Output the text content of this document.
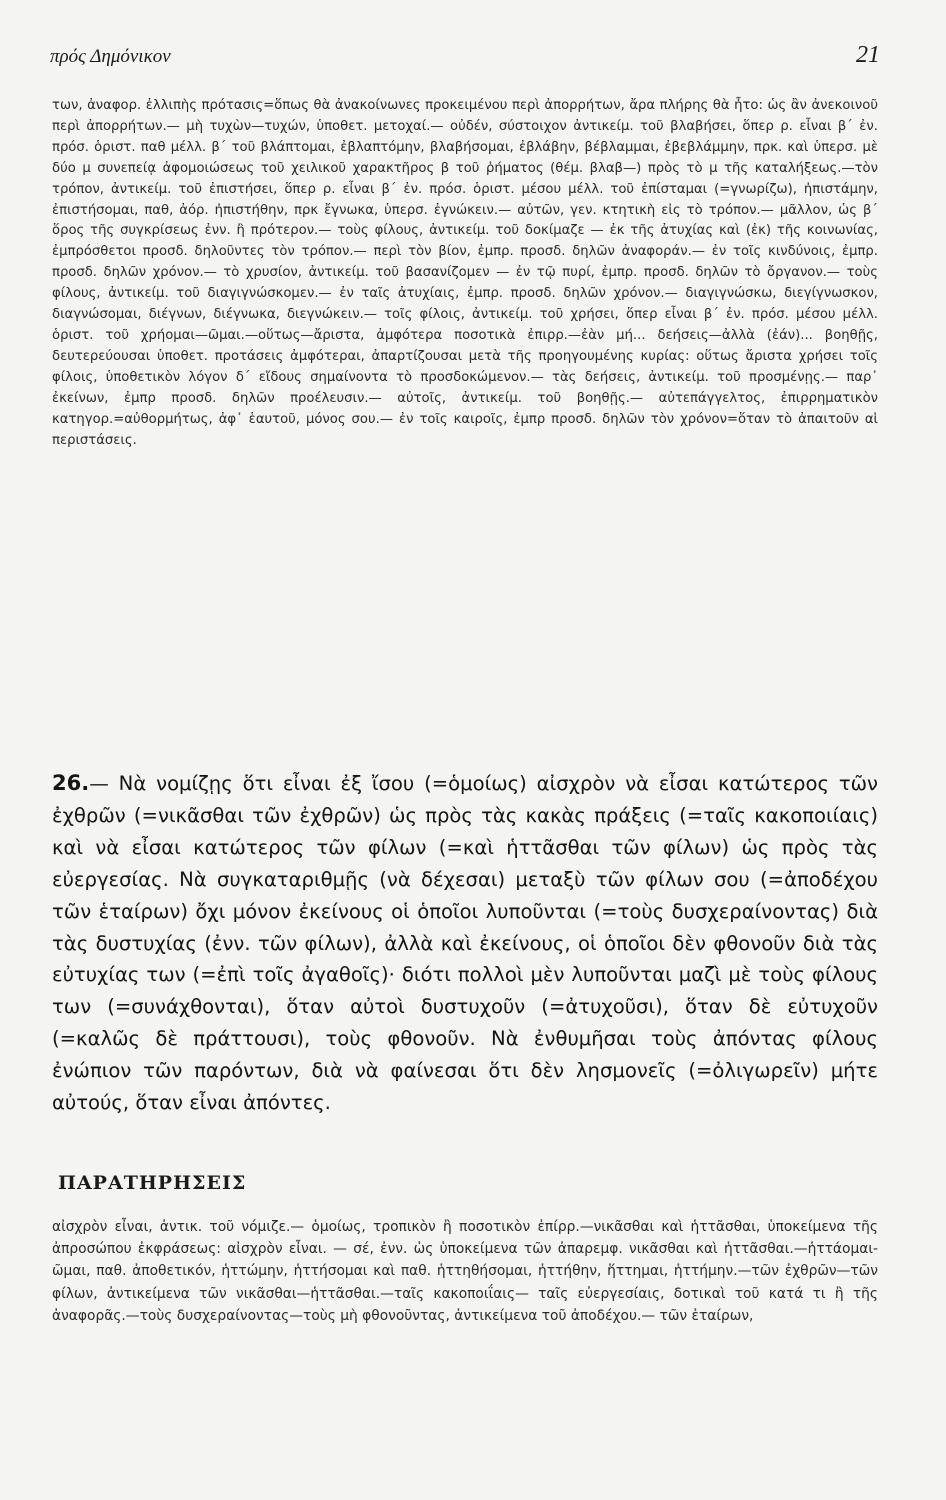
πρός Δημόνικον	21

των, ἀναφορ. ἐλλιπὴς πρότασις=ὅπως θὰ ἀνακοίνωνες προκειμένου περὶ ἀπορρήτων, ἄρα πλήρης θὰ ἦτο: ὡς ἂν ἀνεκοινοῦ περὶ ἀπορρήτων.— μὴ τυχὼν—τυχών, ὑποθετ. μετοχαί.— οὐδέν, σύστοιχον ἀντικείμ. τοῦ βλαβήσει, ὅπερ ρ. εἶναι β΄ ἐν. πρόσ. ὁριστ. παθ μέλλ. β΄ τοῦ βλάπτομαι, ἐβλαπτόμην, βλαβήσομαι, ἐβλάβην, βέβλαμμαι, ἐβεβλάμμην, πρκ. καὶ ὑπερσ. μὲ δύο μ συνεπείᾳ ἀφομοιώσεως τοῦ χειλικοῦ χαρακτῆρος β τοῦ ῥήματος (θέμ. βλαβ—) πρὸς τὸ μ τῆς καταλήξεως.—τὸν τρόπον, ἀντικείμ. τοῦ ἐπιστήσει, ὅπερ ρ. εἶναι β΄ ἐν. πρόσ. ὁριστ. μέσου μέλλ. τοῦ ἐπίσταμαι (=γνωρίζω), ἠπιστάμην, ἐπιστήσομαι, παθ, ἀόρ. ἠπιστήθην, πρκ ἔγνωκα, ὑπερσ. ἐγνώκειν.— αὐτῶν, γεν. κτητικὴ εἰς τὸ τρόπον.— μᾶλλον, ὡς β΄ ὅρος τῆς συγκρίσεως ἐνν. ἢ πρότερον.— τοὺς φίλους, ἀντικείμ. τοῦ δοκίμαζε — ἐκ τῆς ἀτυχίας καὶ (ἐκ) τῆς κοινωνίας, ἐμπρόσθετοι προσδ. δηλοῦντες τὸν τρόπον.— περὶ τὸν βίον, ἐμπρ. προσδ. δηλῶν ἀναφοράν.— ἐν τοῖς κινδύνοις, ἐμπρ. προσδ. δηλῶν χρόνον.— τὸ χρυσίον, ἀντικείμ. τοῦ βασανίζομεν — ἐν τῷ πυρί, ἐμπρ. προσδ. δηλῶν τὸ ὄργανον.— τοὺς φίλους, ἀντικείμ. τοῦ διαγιγνώσκομεν.— ἐν ταῖς ἀτυχίαις, ἐμπρ. προσδ. δηλῶν χρόνον.— διαγιγνώσκω, διεγίγνωσκον, διαγνώσομαι, διέγνων, διέγνωκα, διεγνώκειν.— τοῖς φίλοις, ἀντικείμ. τοῦ χρήσει, ὅπερ εἶναι β΄ ἐν. πρόσ. μέσου μέλλ. ὁριστ. τοῦ χρήομαι—ῶμαι.—οὕτως—ἄριστα, ἀμφότερα ποσοτικὰ ἐπιρρ.—ἐὰν μή... δεήσεις—ἀλλὰ (ἐάν)... βοηθῇς, δευτερεύουσαι ὑποθετ. προτάσεις ἀμφότεραι, ἀπαρτίζουσαι μετὰ τῆς προηγουμένης κυρίας: οὕτως ἄριστα χρήσει τοῖς φίλοις, ὑποθετικὸν λόγον δ΄ εἴδους σημαίνοντα τὸ προσδοκώμενον.— τὰς δεήσεις, ἀντικείμ. τοῦ προσμένῃς.— παρ᾿ ἐκείνων, ἐμπρ προσδ. δηλῶν προέλευσιν.— αὐτοῖς, ἀντικείμ. τοῦ βοηθῇς.— αὐτεπάγγελτος, ἐπιρρηματικὸν κατηγορ.=αὐθορμήτως, ἀφ᾿ ἑαυτοῦ, μόνος σου.— ἐν τοῖς καιροῖς, ἐμπρ προσδ. δηλῶν τὸν χρόνον=ὅταν τὸ ἀπαιτοῦν αἱ περιστάσεις.

26.— Νὰ νομίζῃς ὅτι εἶναι ἐξ ἴσου (=ὁμοίως) αἰσχρὸν νὰ εἶσαι κατώτερος τῶν ἐχθρῶν (=νικᾶσθαι τῶν ἐχθρῶν) ὡς πρὸς τὰς κακὰς πράξεις (=ταῖς κακοποιίαις) καὶ νὰ εἶσαι κατώτερος τῶν φίλων (=καὶ ἡττᾶσθαι τῶν φίλων) ὡς πρὸς τὰς εὐεργεσίας. Νὰ συγκαταριθμῇς (νὰ δέχεσαι) μεταξὺ τῶν φίλων σου (=ἀποδέχου τῶν ἑταίρων) ὄχι μόνον ἐκείνους οἱ ὁποῖοι λυποῦνται (=τοὺς δυσχεραίνοντας) διὰ τὰς δυστυχίας (ἐνν. τῶν φίλων), ἀλλὰ καὶ ἐκείνους, οἱ ὁποῖοι δὲν φθονοῦν διὰ τὰς εὐτυχίας των (=ἐπὶ τοῖς ἀγαθοῖς)· διότι πολλοὶ μὲν λυποῦνται μαζὶ μὲ τοὺς φίλους των (=συνάχθονται), ὅταν αὐτοὶ δυστυχοῦν (=ἀτυχοῦσι), ὅταν δὲ εὐτυχοῦν (=καλῶς δὲ πράττουσι), τοὺς φθονοῦν. Νὰ ἐνθυμῆσαι τοὺς ἀπόντας φίλους ἐνώπιον τῶν παρόντων, διὰ νὰ φαίνεσαι ὅτι δὲν λησμονεῖς (=ὀλιγωρεῖν) μήτε αὐτούς, ὅταν εἶναι ἀπόντες.

ΠΑΡΑΤΗΡΗΣΕΙΣ

αἰσχρὸν εἶναι, ἀντικ. τοῦ νόμιζε.— ὁμοίως, τροπικὸν ἢ ποσοτικὸν ἐπίρρ.—νικᾶσθαι καὶ ἡττᾶσθαι, ὑποκείμενα τῆς ἀπροσώπου ἐκφράσεως: αἰσχρὸν εἶναι. — σέ, ἐνν. ὡς ὑποκείμενα τῶν ἀπαρεμφ. νικᾶσθαι καὶ ἡττᾶσθαι.—ἡττάομαι-ῶμαι, παθ. ἀποθετικόν, ἡττώμην, ἡττήσομαι καὶ παθ. ἡττηθήσομαι, ἡττήθην, ἥττημαι, ἡττήμην.—τῶν ἐχθρῶν—τῶν φίλων, ἀντικείμενα τῶν νικᾶσθαι—ἡττᾶσθαι.—ταῖς κακοποιΐαις— ταῖς εὐεργεσίαις, δοτικαὶ τοῦ κατά τι ἢ τῆς ἀναφορᾶς.—τοὺς δυσχεραίνοντας—τοὺς μὴ φθονοῦντας, ἀντικείμενα τοῦ ἀποδέχου.— τῶν ἑταίρων,
